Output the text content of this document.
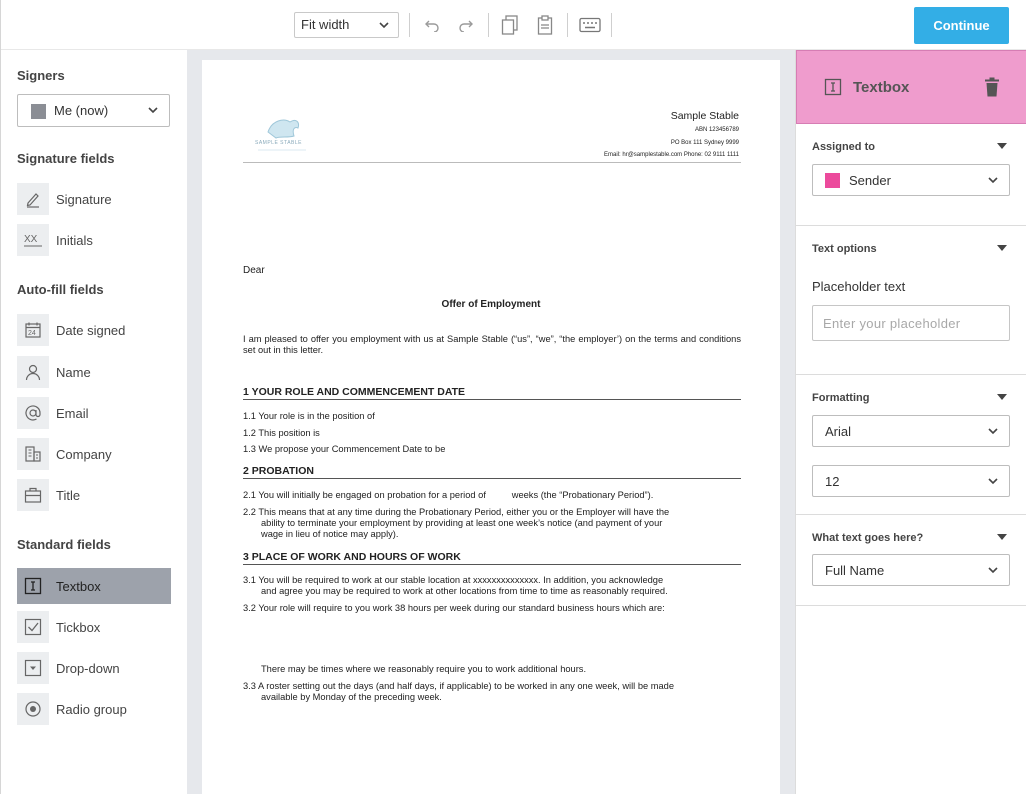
Fit width	Continue
Signers
Me (now)
Signature fields
Signature
XX Initials
Auto-fill fields
24 Date signed
Name
Email
Company
Title
Standard fields
Textbox
Tickbox
Drop-down
Radio group
SAMPLE STABLE
Sample Stable
ABN 123456789
PO Box 111 Sydney 9999
Email: hr@samplestable.com Phone: 02 9111 1111
Dear
Offer of Employment
I am pleased to offer you employment with us at Sample Stable (“us”, “we”, “the employer’) on the terms and conditions set out in this letter.
1 YOUR ROLE AND COMMENCEMENT DATE
1.1 Your role is in the position of
1.2 This position is
1.3 We propose your Commencement Date to be
2 PROBATION
2.1 You will initially be engaged on probation for a period of          weeks (the “Probationary Period”).
2.2 This means that at any time during the Probationary Period, either you or the Employer will have the
ability to terminate your employment by providing at least one week’s notice (and payment of your
wage in lieu of notice may apply).
3 PLACE OF WORK AND HOURS OF WORK
3.1 You will be required to work at our stable location at xxxxxxxxxxxxxx. In addition, you acknowledge
and agree you may be required to work at other locations from time to time as reasonably required.
3.2 Your role will require to you work 38 hours per week during our standard business hours which are:
There may be times where we reasonably require you to work additional hours.
3.3 A roster setting out the days (and half days, if applicable) to be worked in any one week, will be made
available by Monday of the preceding week.
Textbox
Assigned to
Sender
Text options
Placeholder text
Enter your placeholder
Formatting
Arial
12
What text goes here?
Full Name
